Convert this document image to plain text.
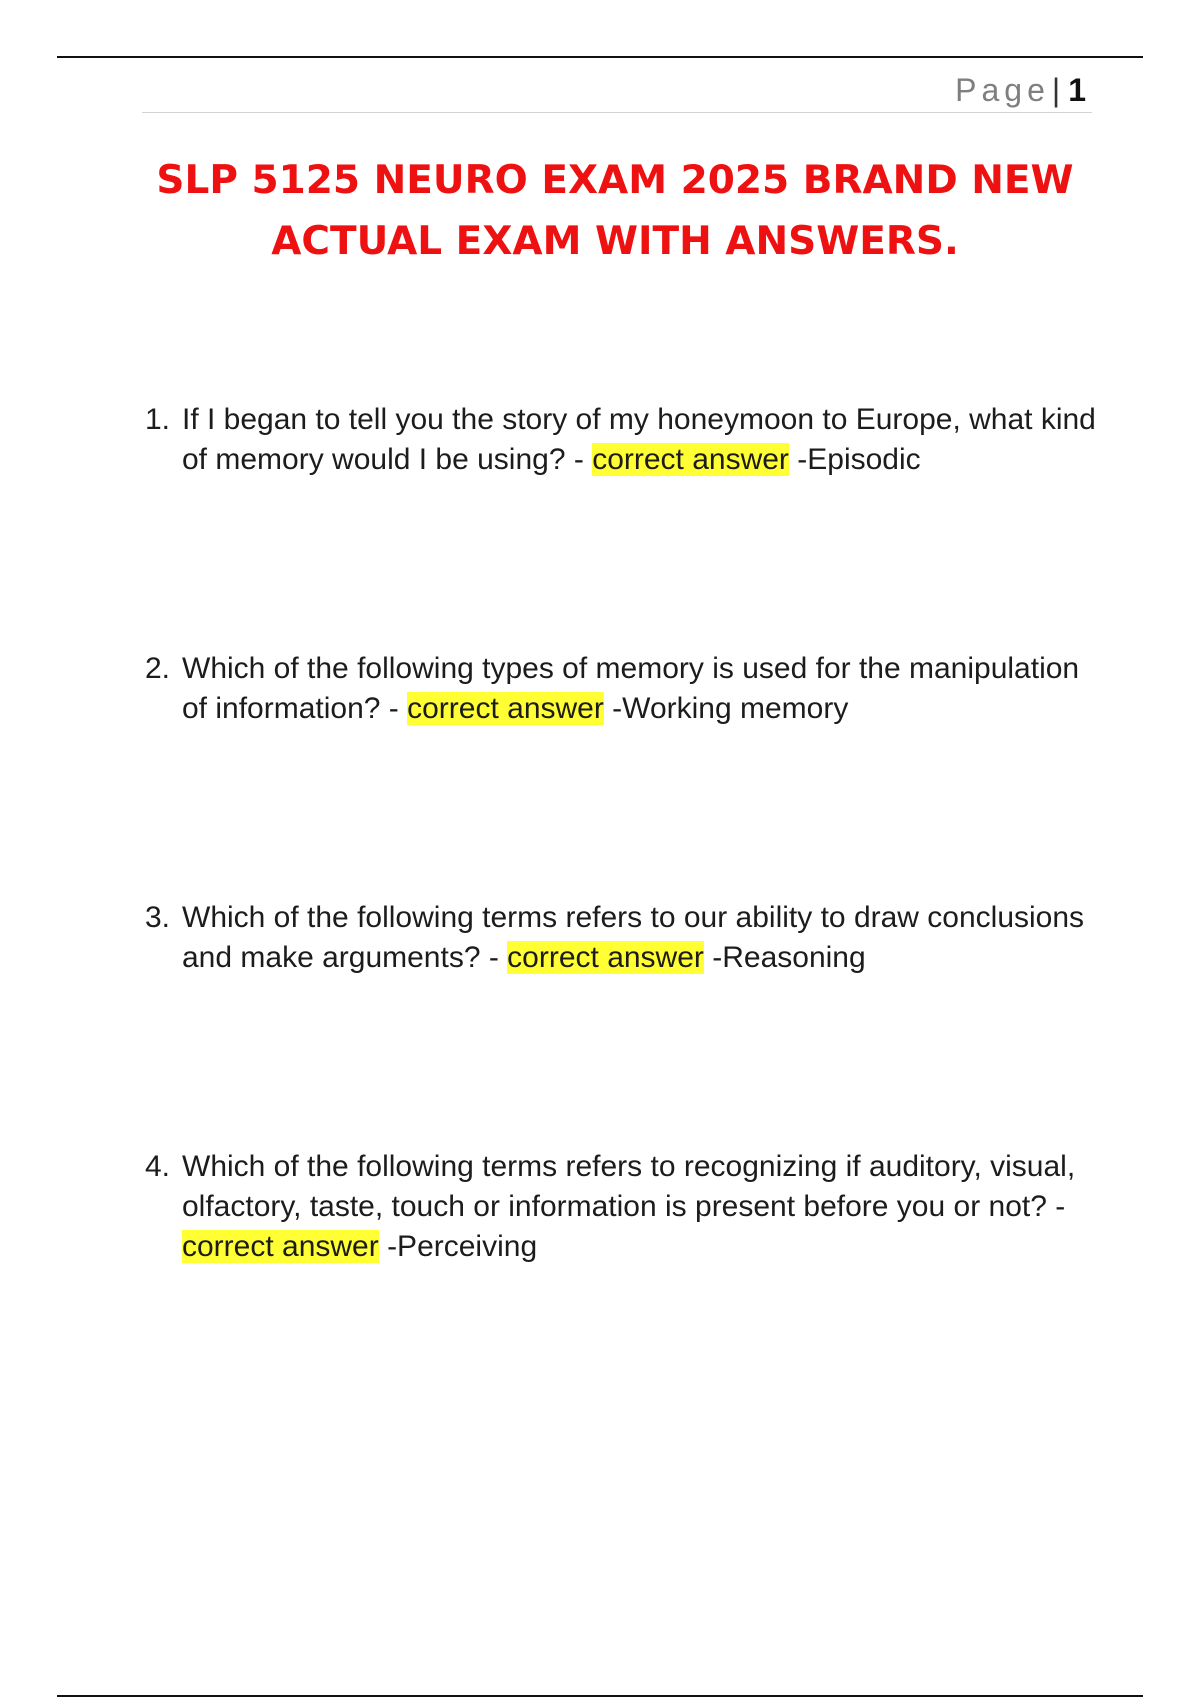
Page| 1
SLP 5125 NEURO EXAM 2025 BRAND NEW
ACTUAL EXAM WITH ANSWERS.
1. If I began to tell you the story of my honeymoon to Europe, what kind of memory would I be using? - correct answer -Episodic
2. Which of the following types of memory is used for the manipulation of information? - correct answer -Working memory
3. Which of the following terms refers to our ability to draw conclusions and make arguments? - correct answer -Reasoning
4. Which of the following terms refers to recognizing if auditory, visual, olfactory, taste, touch or information is present before you or not? - correct answer -Perceiving
